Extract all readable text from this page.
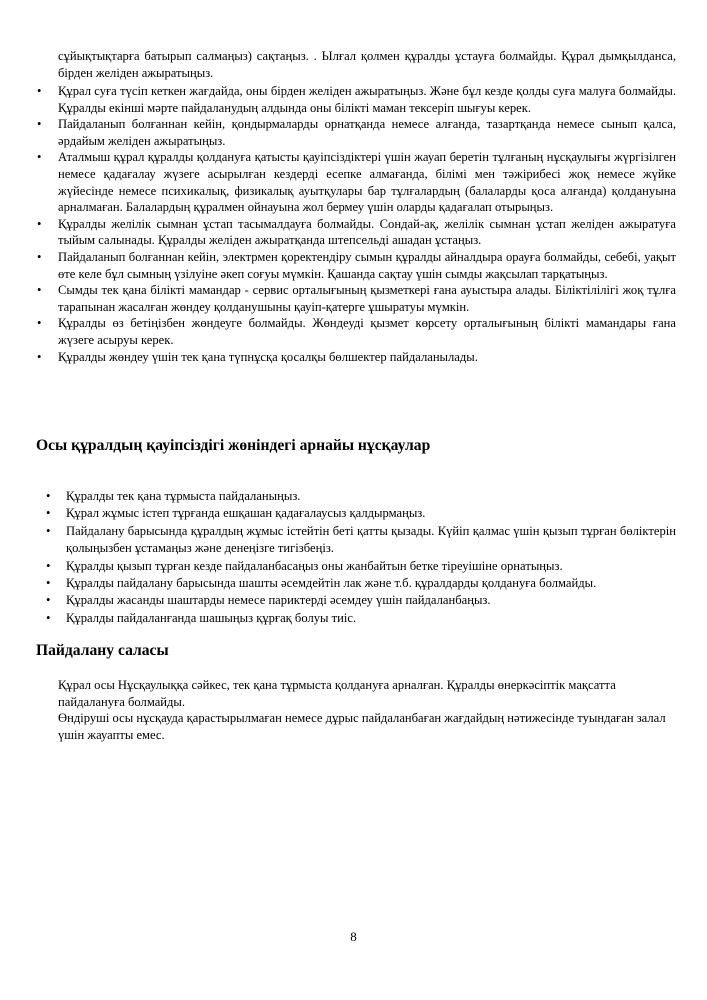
сұйықтықтарға батырып салмаңыз) сақтаңыз. . Ылғал қолмен құралды ұстауға болмайды. Құрал дымқылданса, бірден желіден ажыратыңыз.

• Құрал суға түсіп кеткен жағдайда, оны бірден желіден ажыратыңыз. Және бұл кезде қолды суға малуға болмайды. Құралды екінші мәрте пайдаланудың алдында оны білікті маман тексеріп шығуы керек.
• Пайдаланып болғаннан кейін, қондырмаларды орнатқанда немесе алғанда, тазартқанда немесе сынып қалса, әрдайым желіден ажыратыңыз.
• Аталмыш құрал құралды қолдануға қатысты қауіпсіздіктері үшін жауап беретін тұлғаның нұсқаулығы жүргізілген немесе қадағалау жүзеге асырылған кездерді есепке алмағанда, білімі мен тәжірибесі жоқ немесе жүйке жүйесінде немесе психикалық, физикалық ауытқулары бар тұлғалардың (балаларды қоса алғанда) қолдануына арналмаған. Балалардың құралмен ойнауына жол бермеу үшін оларды қадағалап отырыңыз.
• Құралды желілік сымнан ұстап тасымалдауға болмайды. Сондай-ақ, желілік сымнан ұстап желіден ажыратуға тыйым салынады. Құралды желіден ажыратқанда штепсельді ашадан ұстаңыз.
• Пайдаланып болғаннан кейін, электрмен қоректендіру сымын құралды айналдыра орауға болмайды, себебі, уақыт өте келе бұл сымның үзілуіне әкеп соғуы мүмкін. Қашанда сақтау үшін сымды жақсылап тарқатыңыз.
• Сымды тек қана білікті мамандар - сервис орталығының қызметкері ғана ауыстыра алады. Біліктілілігі жоқ тұлға тарапынан жасалған жөндеу қолданушыны қауіп-қатерге ұшыратуы мүмкін.
• Құралды өз бетіңізбен жөндеуге болмайды. Жөндеуді қызмет көрсету орталығының білікті мамандары ғана жүзеге асыруы керек.
• Құралды жөндеу үшін тек қана түпнұсқа қосалқы бөлшектер пайдаланылады.
Осы құралдың қауіпсіздігі жөніндегі арнайы нұсқаулар
• Құралды тек қана тұрмыста пайдаланыңыз.
• Құрал жұмыс істеп тұрғанда ешқашан қадағалаусыз қалдырмаңыз.
• Пайдалану барысында құралдың жұмыс істейтін беті қатты қызады. Күйіп қалмас үшін қызып тұрған бөліктерін қолыңызбен ұстамаңыз және денеңізге тигізбеңіз.
• Құралды қызып тұрған кезде пайдаланбасаңыз оны жанбайтын бетке тіреуішіне орнатыңыз.
• Құралды пайдалану барысында шашты әсемдейтін лак және т.б. құралдарды қолдануға болмайды.
• Құралды жасанды шаштарды немесе париктерді әсемдеу үшін пайдаланбаңыз.
• Құралды пайдаланғанда шашыңыз құрғақ болуы тиіс.
Пайдалану саласы

Құрал осы Нұсқаулыққа сәйкес, тек қана тұрмыста қолдануға арналған. Құралды өнеркәсіптік мақсатта пайдалануға болмайды.

Өндіруші осы нұсқауда қарастырылмаған немесе дұрыс пайдаланбаған жағдайдың нәтижесінде туындаған залал үшін жауапты емес.

8
